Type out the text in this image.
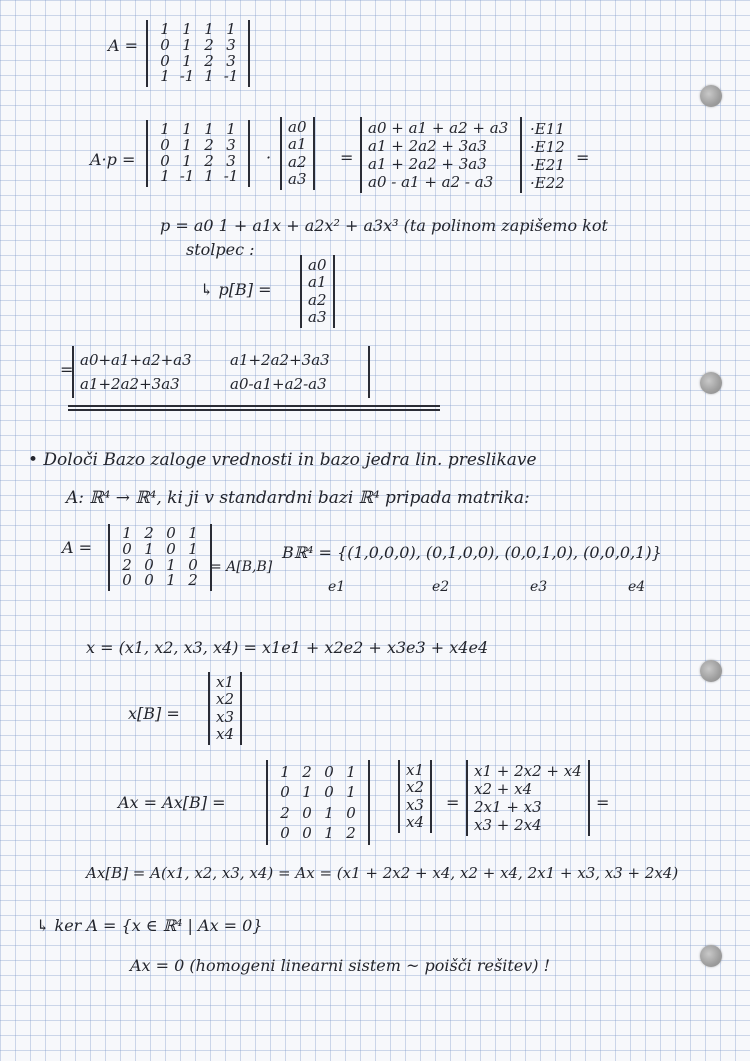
A =
1 1 1 1
0 1 2 3
0 1 2 3
1 -1 1 -1
A·p =
1 1 1 1
0 1 2 3
0 1 2 3
1 -1 1 -1
·
a0
a1
a2
a3
=
a0 + a1 + a2 + a3
a1 + 2a2 + 3a3
a1 + 2a2 + 3a3
a0 - a1 + a2 - a3
·E11
·E12
·E21
·E22
=
p = a0 1 + a1x + a2x² + a3x³ (ta polinom zapišemo kot
stolpec :
↳ p[B] =
a0
a1
a2
a3
= a0+a1+a2+a3	a1+2a2+3a3
a1+2a2+3a3	a0-a1+a2-a3
• Določi Bazo zaloge vrednosti in bazo jedra lin. preslikave
A: ℝ⁴ → ℝ⁴, ki ji v standardni bazi ℝ⁴ pripada matrika:
A =
1 2 0 1
0 1 0 1
2 0 1 0
0 0 1 2
= A[B,B]
Bℝ⁴ = {(1,0,0,0), (0,1,0,0), (0,0,1,0), (0,0,0,1)}
e1	e2	e3	e4
x = (x1, x2, x3, x4) = x1e1 + x2e2 + x3e3 + x4e4
x[B] =
x1
x2
x3
x4
Ax = Ax[B] =
1 2 0 1
0 1 0 1
2 0 1 0
0 0 1 2
x1
x2
x3
x4
=
x1 + 2x2 + x4
x2 + x4
2x1 + x3
x3 + 2x4
=
Ax[B] = A(x1, x2, x3, x4) = Ax = (x1 + 2x2 + x4, x2 + x4, 2x1 + x3, x3 + 2x4)
↳ ker A = {x ∈ ℝ⁴ | Ax = 0}
Ax = 0 (homogeni linearni sistem ~ poišči rešitev) !
